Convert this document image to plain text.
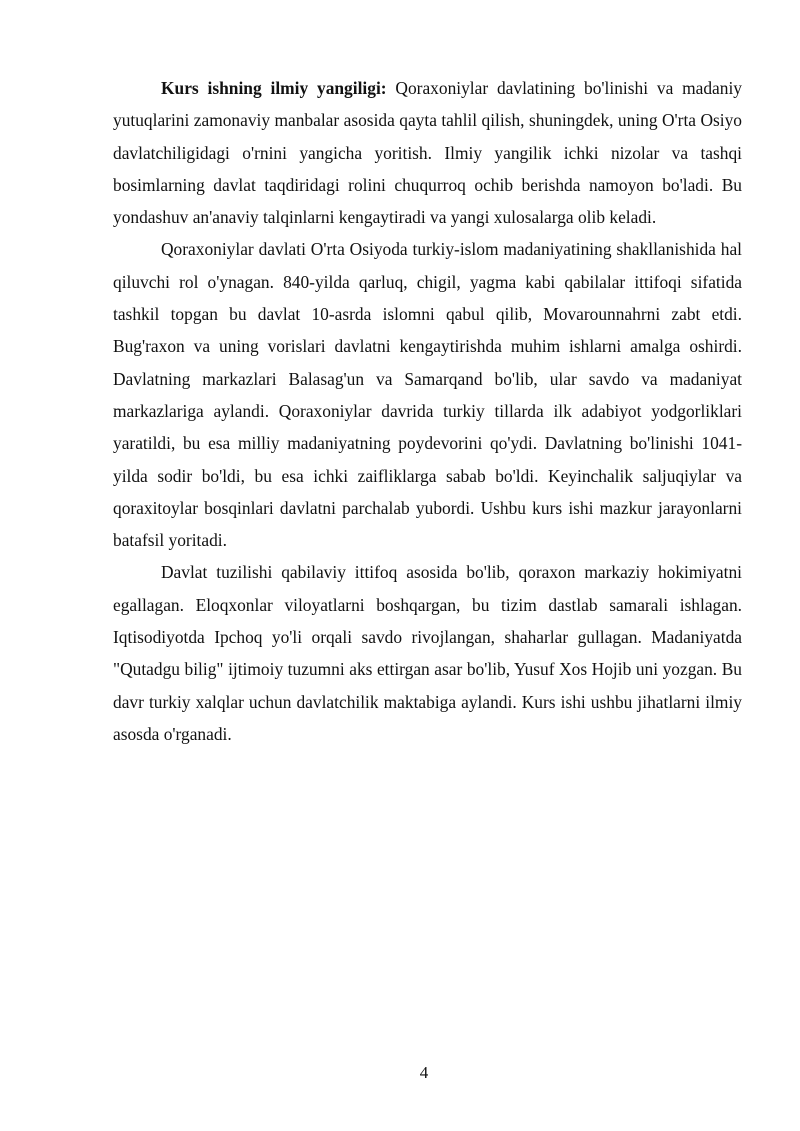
Kurs ishning ilmiy yangiligi: Qoraxoniylar davlatining bo'linishi va madaniy yutuqlarini zamonaviy manbalar asosida qayta tahlil qilish, shuningdek, uning O'rta Osiyo davlatchiligidagi o'rnini yangicha yoritish. Ilmiy yangilik ichki nizolar va tashqi bosimlarning davlat taqdiridagi rolini chuqurroq ochib berishda namoyon bo'ladi. Bu yondashuv an'anaviy talqinlarni kengaytiradi va yangi xulosalarga olib keladi.

Qoraxoniylar davlati O'rta Osiyoda turkiy-islom madaniyatining shakllanishida hal qiluvchi rol o'ynagan. 840-yilda qarluq, chigil, yagma kabi qabilalar ittifoqi sifatida tashkil topgan bu davlat 10-asrda islomni qabul qilib, Movarounnahrni zabt etdi. Bug'raxon va uning vorislari davlatni kengaytirishda muhim ishlarni amalga oshirdi. Davlatning markazlari Balasag'un va Samarqand bo'lib, ular savdo va madaniyat markazlariga aylandi. Qoraxoniylar davrida turkiy tillarda ilk adabiyot yodgorliklari yaratildi, bu esa milliy madaniyatning poydevorini qo'ydi. Davlatning bo'linishi 1041-yilda sodir bo'ldi, bu esa ichki zaifliklarga sabab bo'ldi. Keyinchalik saljuqiylar va qoraxitoylar bosqinlari davlatni parchalab yubordi. Ushbu kurs ishi mazkur jarayonlarni batafsil yoritadi.

Davlat tuzilishi qabilaviy ittifoq asosida bo'lib, qoraxon markaziy hokimiyatni egallagan. Eloqxonlar viloyatlarni boshqargan, bu tizim dastlab samarali ishlagan. Iqtisodiyotda Ipchoq yo'li orqali savdo rivojlangan, shaharlar gullagan. Madaniyatda "Qutadgu bilig" ijtimoiy tuzumni aks ettirgan asar bo'lib, Yusuf Xos Hojib uni yozgan. Bu davr turkiy xalqlar uchun davlatchilik maktabiga aylandi. Kurs ishi ushbu jihatlarni ilmiy asosda o'rganadi.

4
